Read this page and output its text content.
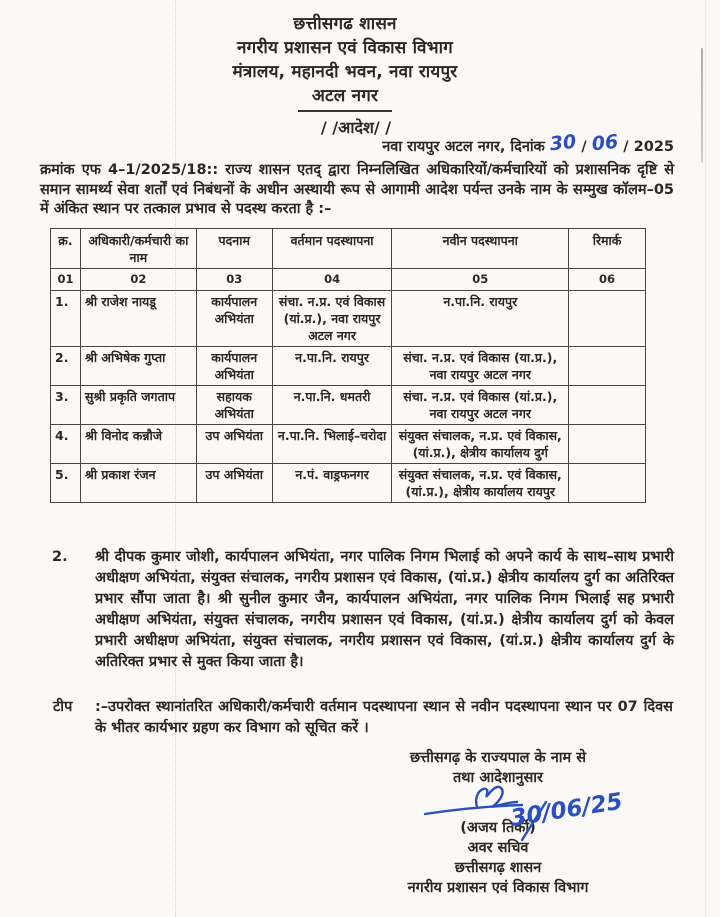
छत्तीसगढ शासन
नगरीय प्रशासन एवं विकास विभाग
मंत्रालय, महानदी भवन, नवा रायपुर
अटल नगर
/ /आदेश/ /
नवा रायपुर अटल नगर, दिनांक 30 / 06 / 2025
क्रमांक एफ 4–1/2025/18:: राज्य शासन एतद् द्वारा निम्नलिखित अधिकारियों/कर्मचारियों को प्रशासनिक दृष्टि से समान सामर्थ्य सेवा शर्तों एवं निबंधनों के अधीन अस्थायी रूप से आगामी आदेश पर्यन्त उनके नाम के सम्मुख कॉलम–05 में अंकित स्थान पर तत्काल प्रभाव से पदस्थ करता है :–
क्र.	अधिकारी/कर्मचारी का नाम	पदनाम	वर्तमान पदस्थापना	नवीन पदस्थापना	रिमार्क
01	02	03	04	05	06
1.	श्री राजेश नायडू	कार्यपालन अभियंता	संचा. न.प्र. एवं विकास (यां.प्र.), नवा रायपुर अटल नगर	न.पा.नि. रायपुर	
2.	श्री अभिषेक गुप्ता	कार्यपालन अभियंता	न.पा.नि. रायपुर	संचा. न.प्र. एवं विकास (या.प्र.), नवा रायपुर अटल नगर	
3.	सुश्री प्रकृति जगताप	सहायक अभियंता	न.पा.नि. धमतरी	संचा. न.प्र. एवं विकास (यां.प्र.), नवा रायपुर अटल नगर	
4.	श्री विनोद कन्नौजे	उप अभियंता	न.पा.नि. भिलाई–चरोदा	संयुक्त संचालक, न.प्र. एवं विकास, (यां.प्र.), क्षेत्रीय कार्यालय दुर्ग	
5.	श्री प्रकाश रंजन	उप अभियंता	न.पं. वाड्रफनगर	संयुक्त संचालक, न.प्र. एवं विकास, (यां.प्र.), क्षेत्रीय कार्यालय रायपुर	
2.	श्री दीपक कुमार जोशी, कार्यपालन अभियंता, नगर पालिक निगम भिलाई को अपने कार्य के साथ–साथ प्रभारी अधीक्षण अभियंता, संयुक्त संचालक, नगरीय प्रशासन एवं विकास, (यां.प्र.) क्षेत्रीय कार्यालय दुर्ग का अतिरिक्त प्रभार सौंपा जाता है। श्री सुनील कुमार जैन, कार्यपालन अभियंता, नगर पालिक निगम भिलाई सह प्रभारी अधीक्षण अभियंता, संयुक्त संचालक, नगरीय प्रशासन एवं विकास, (यां.प्र.) क्षेत्रीय कार्यालय दुर्ग को केवल प्रभारी अधीक्षण अभियंता, संयुक्त संचालक, नगरीय प्रशासन एवं विकास, (यां.प्र.) क्षेत्रीय कार्यालय दुर्ग के अतिरिक्त प्रभार से मुक्त किया जाता है।
टीप	:–उपरोक्त स्थानांतरित अधिकारी/कर्मचारी वर्तमान पदस्थापना स्थान से नवीन पदस्थापना स्थान पर 07 दिवस के भीतर कार्यभार ग्रहण कर विभाग को सूचित करें ।
छत्तीसगढ़ के राज्यपाल के नाम से
तथा आदेशानुसार
30/06/25
(अजय तिर्की)
अवर सचिव
छत्तीसगढ़ शासन
नगरीय प्रशासन एवं विकास विभाग
